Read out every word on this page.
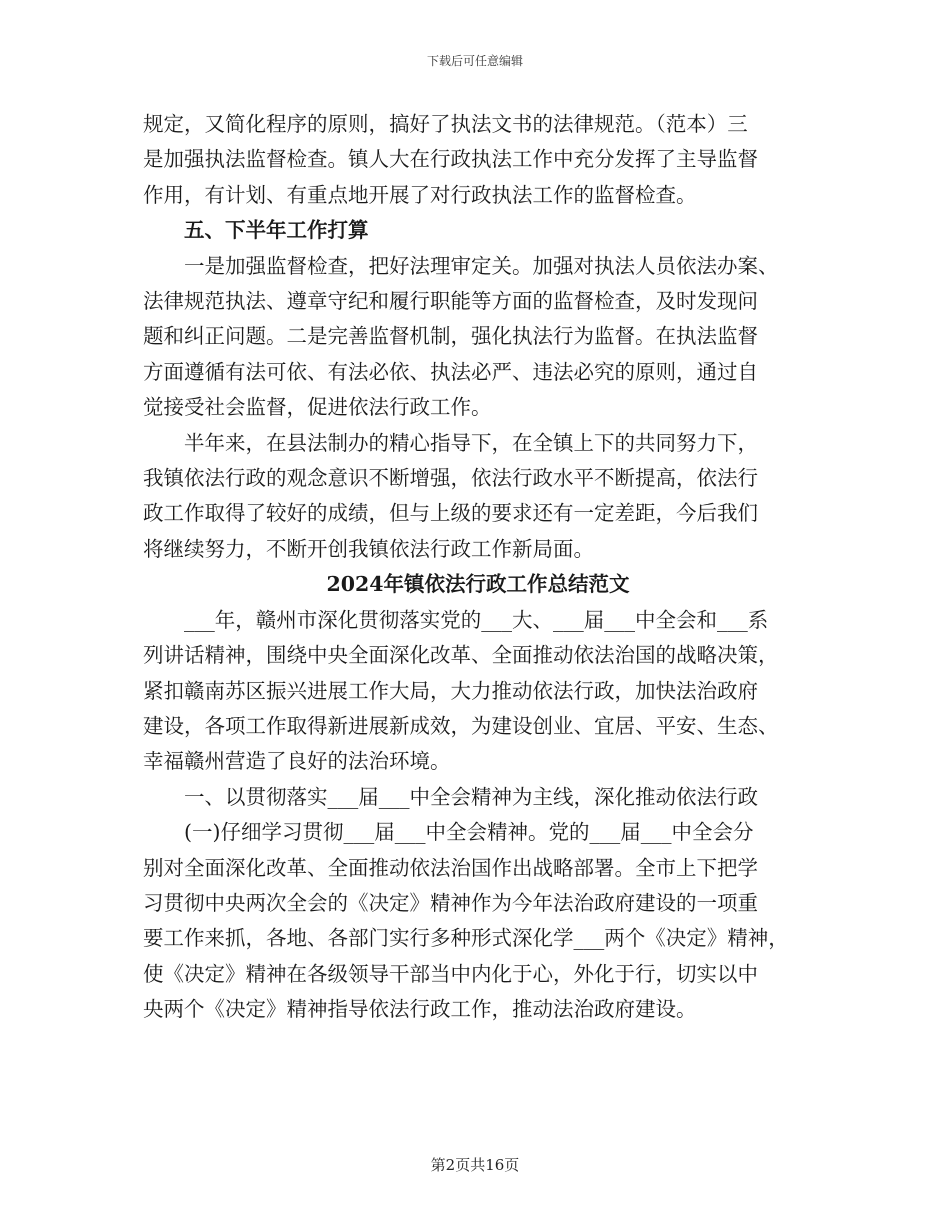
下载后可任意编辑

规定，又简化程序的原则，搞好了执法文书的法律规范。（范本）三

是加强执法监督检查。镇人大在行政执法工作中充分发挥了主导监督

作用，有计划、有重点地开展了对行政执法工作的监督检查。

五、下半年工作打算

一是加强监督检查，把好法理审定关。加强对执法人员依法办案、

法律规范执法、遵章守纪和履行职能等方面的监督检查，及时发现问

题和纠正问题。二是完善监督机制，强化执法行为监督。在执法监督

方面遵循有法可依、有法必依、执法必严、违法必究的原则，通过自

觉接受社会监督，促进依法行政工作。

半年来，在县法制办的精心指导下，在全镇上下的共同努力下，

我镇依法行政的观念意识不断增强，依法行政水平不断提高，依法行

政工作取得了较好的成绩，但与上级的要求还有一定差距，今后我们

将继续努力，不断开创我镇依法行政工作新局面。

2024年镇依法行政工作总结范文

___年，赣州市深化贯彻落实党的___大、___届___中全会和___系

列讲话精神，围绕中央全面深化改革、全面推动依法治国的战略决策，

紧扣赣南苏区振兴进展工作大局，大力推动依法行政，加快法治政府

建设，各项工作取得新进展新成效，为建设创业、宜居、平安、生态、

幸福赣州营造了良好的法治环境。

一、以贯彻落实___届___中全会精神为主线，深化推动依法行政

(一)仔细学习贯彻___届___中全会精神。党的___届___中全会分

别对全面深化改革、全面推动依法治国作出战略部署。全市上下把学

习贯彻中央两次全会的《决定》精神作为今年法治政府建设的一项重

要工作来抓，各地、各部门实行多种形式深化学___两个《决定》精神，

使《决定》精神在各级领导干部当中内化于心，外化于行，切实以中

央两个《决定》精神指导依法行政工作，推动法治政府建设。

第2页共16页
